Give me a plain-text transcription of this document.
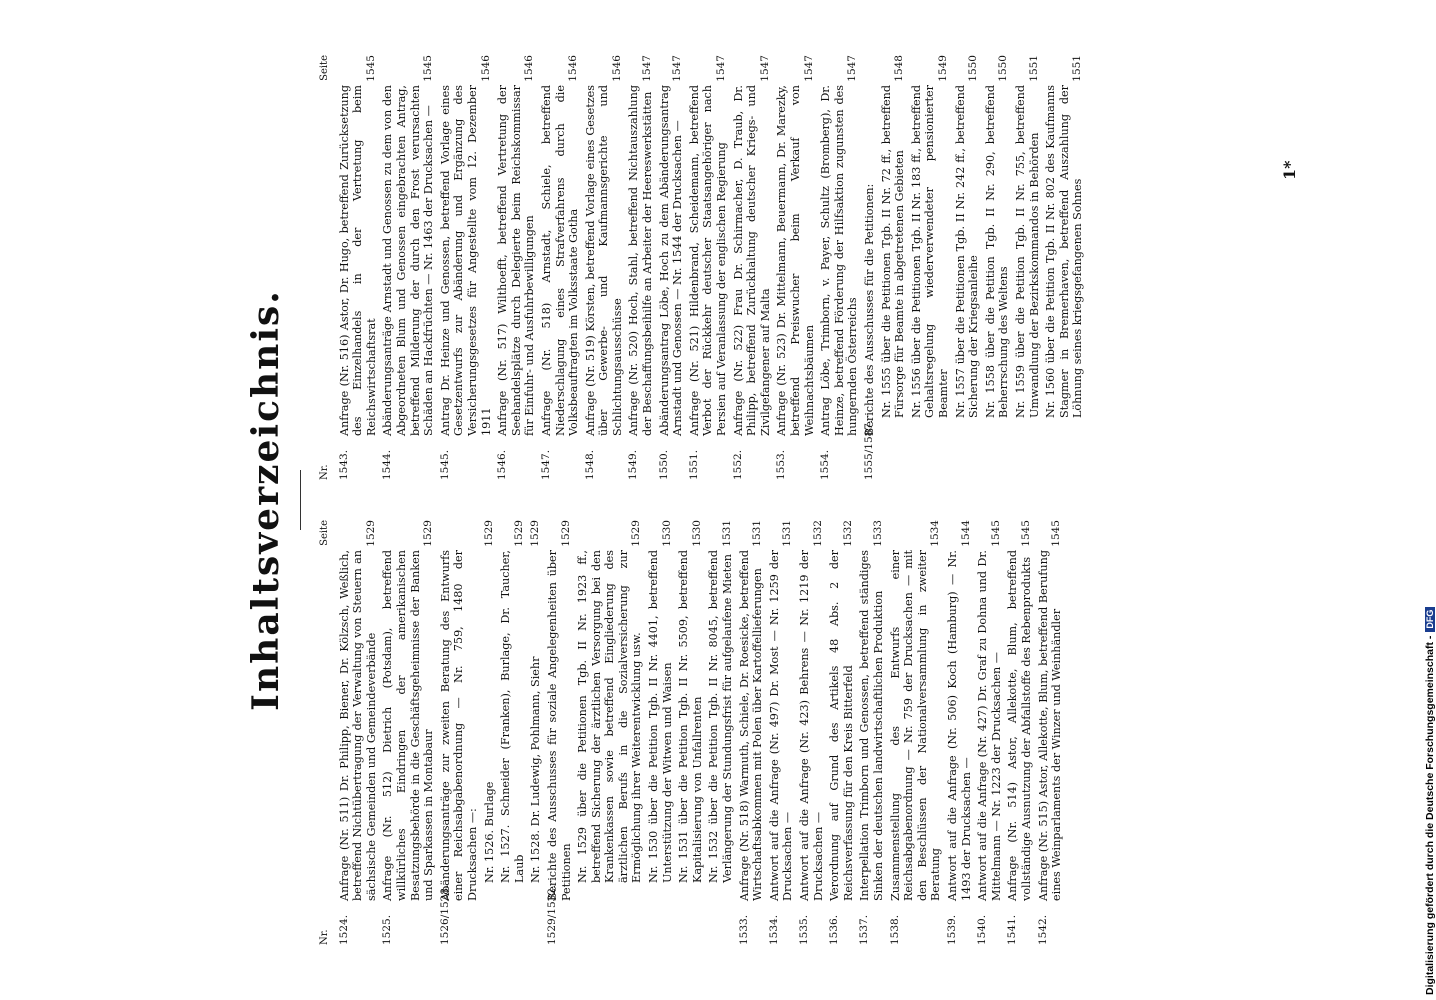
Inhaltsverzeichnis.
Nr.
Seite
1524.
Anfrage (Nr. 511) Dr. Philipp, Biener, Dr. Kölzsch, Weßlich, betreffend Nichtübertragung der Verwaltung von Steuern an sächsische Gemeinden und Gemeindeverbände
1529
1525.
Anfrage (Nr. 512) Dietrich (Potsdam), betreffend willkürliches Eindringen der amerikanischen Besatzungsbehörde in die Geschäftsgeheimnisse der Banken und Sparkassen in Montabaur
1529
1526/1528.
Abänderungsanträge zur zweiten Beratung des Entwurfs einer Reichsabgabenordnung — Nr. 759, 1480 der Drucksachen —: Nr. 1526. Burlage
1529
Nr. 1527. Schneider (Franken), Burlage, Dr. Taucher, Laub
1529
Nr. 1528. Dr. Ludewig, Pohlmann, Siehr
1529
1529/1532.
Berichte des Ausschusses für soziale Angelegenheiten über Petitionen
1529
Nr. 1529 über die Petitionen Tgb. II Nr. 1923 ff., betreffend Sicherung der ärztlichen Versorgung bei den Krankenkassen sowie betreffend Eingliederung des ärztlichen Berufs in die Sozialversicherung zur Ermöglichung ihrer Weiterentwicklung usw.
1529
Nr. 1530 über die Petition Tgb. II Nr. 4401, betreffend Unterstützung der Witwen und Waisen
1530
Nr. 1531 über die Petition Tgb. II Nr. 5509, betreffend Kapitalisierung von Unfallrenten
1530
Nr. 1532 über die Petition Tgb. II Nr. 8045, betreffend Verlängerung der Stundungsfrist für aufgelaufene Mieten
1531
1533.
Anfrage (Nr. 518) Warmuth, Schiele, Dr. Roesicke, betreffend Wirtschaftsabkommen mit Polen über Kartoffellieferungen
1531
1534.
Antwort auf die Anfrage (Nr. 497) Dr. Most — Nr. 1259 der Drucksachen —
1531
1535.
Antwort auf die Anfrage (Nr. 423) Behrens — Nr. 1219 der Drucksachen —
1532
1536.
Verordnung auf Grund des Artikels 48 Abs. 2 der Reichsverfassung für den Kreis Bitterfeld
1532
1537.
Interpellation Trimborn und Genossen, betreffend ständiges Sinken der deutschen landwirtschaftlichen Produktion
1533
1538.
Zusammenstellung des Entwurfs einer Reichsabgabenordnung — Nr. 759 der Drucksachen — mit den Beschlüssen der Nationalversammlung in zweiter Beratung
1534
1539.
Antwort auf die Anfrage (Nr. 506) Koch (Hamburg) — Nr. 1493 der Drucksachen —
1544
1540.
Antwort auf die Anfrage (Nr. 427) Dr. Graf zu Dohna und Dr. Mittelmann — Nr. 1223 der Drucksachen —
1545
1541.
Anfrage (Nr. 514) Astor, Allekotte, Blum, betreffend vollständige Ausnutzung der Abfallstoffe des Rebenprodukts
1545
1542.
Anfrage (Nr. 515) Astor, Allekotte, Blum, betreffend Berufung eines Weinparlaments der Winzer und Weinhändler
1545
Nr.
Seite
1543.
Anfrage (Nr. 516) Astor, Dr. Hugo, betreffend Zurücksetzung des Einzelhandels in der Vertretung beim Reichswirtschaftsrat
1545
1544.
Abänderungsanträge Arnstadt und Genossen zu dem von den Abgeordneten Blum und Genossen eingebrachten Antrag, betreffend Milderung der durch den Frost verursachten Schäden an Hackfrüchten — Nr. 1463 der Drucksachen —
1545
1545.
Antrag Dr. Heinze und Genossen, betreffend Vorlage eines Gesetzentwurfs zur Abänderung und Ergänzung des Versicherungsgesetzes für Angestellte vom 12. Dezember 1911
1546
1546.
Anfrage (Nr. 517) Wilthoefft, betreffend Vertretung der Seehandelsplätze durch Delegierte beim Reichskommissar für Einfuhr- und Ausfuhrbewilligungen
1546
1547.
Anfrage (Nr. 518) Arnstadt, Schiele, betreffend Niederschlagung eines Strafverfahrens durch die Volksbeauftragten im Volksstaate Gotha
1546
1548.
Anfrage (Nr. 519) Körsten, betreffend Vorlage eines Gesetzes über Gewerbe- und Kaufmannsgerichte und Schlichtungsausschüsse
1546
1549.
Anfrage (Nr. 520) Hoch, Stahl, betreffend Nichtauszahlung der Beschaffungsbeihilfe an Arbeiter der Heereswerkstätten
1547
1550.
Abänderungsantrag Löbe, Hoch zu dem Abänderungsantrag Arnstadt und Genossen — Nr. 1544 der Drucksachen —
1547
1551.
Anfrage (Nr. 521) Hildenbrand, Scheidemann, betreffend Verbot der Rückkehr deutscher Staatsangehöriger nach Persien auf Veranlassung der englischen Regierung
1547
1552.
Anfrage (Nr. 522) Frau Dr. Schirmacher, D. Traub, Dr. Philipp, betreffend Zurückhaltung deutscher Kriegs- und Zivilgefangener auf Malta
1547
1553.
Anfrage (Nr. 523) Dr. Mittelmann, Beuermann, Dr. Marezky, betreffend Preiswucher beim Verkauf von Weihnachtsbäumen
1547
1554.
Antrag Löbe, Trimborn, v. Payer, Schultz (Bromberg), Dr. Heinze, betreffend Förderung der Hilfsaktion zugunsten des hungernden Österreichs
1547
1555/1587.
Berichte des Ausschusses für die Petitionen: Nr. 1555 über die Petitionen Tgb. II Nr. 72 ff., betreffend Fürsorge für Beamte in abgetretenen Gebieten
1548
Nr. 1556 über die Petitionen Tgb. II Nr. 183 ff., betreffend Gehaltsregelung wiederverwendeter pensionierter Beamter
1549
Nr. 1557 über die Petitionen Tgb. II Nr. 242 ff., betreffend Sicherung der Kriegsanleihe
1550
Nr. 1558 über die Petition Tgb. II Nr. 290, betreffend Beherrschung des Weltens
1550
Nr. 1559 über die Petition Tgb. II Nr. 755, betreffend Umwandlung der Bezirkskommandos in Behörden
1551
Nr. 1560 über die Petition Tgb. II Nr. 802 des Kaufmanns Stagmer in Bremerhaven, betreffend Auszahlung der Löhnung seines kriegsgefangenen Sohnes
1551
1*
Digitalisierung gefördert durch die Deutsche Forschungsgemeinschaft -DFG
